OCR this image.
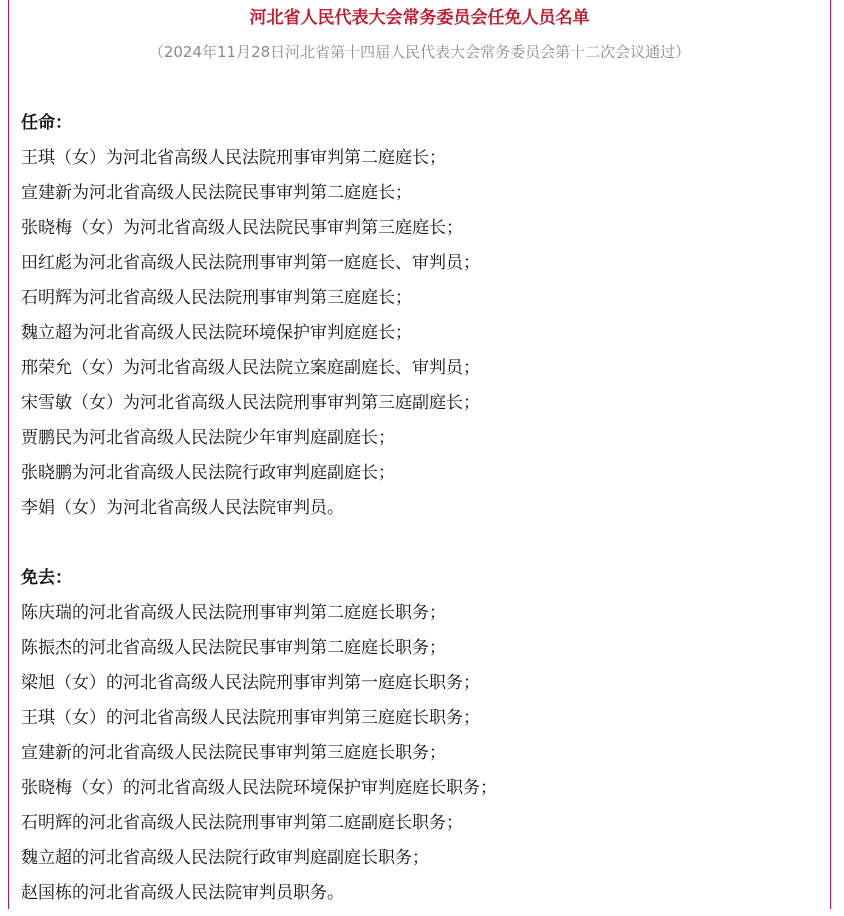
河北省人民代表大会常务委员会任免人员名单
（2024年11月28日河北省第十四届人民代表大会常务委员会第十二次会议通过）
任命：
王琪（女）为河北省高级人民法院刑事审判第二庭庭长；
宣建新为河北省高级人民法院民事审判第二庭庭长；
张晓梅（女）为河北省高级人民法院民事审判第三庭庭长；
田红彪为河北省高级人民法院刑事审判第一庭庭长、审判员；
石明辉为河北省高级人民法院刑事审判第三庭庭长；
魏立超为河北省高级人民法院环境保护审判庭庭长；
邢荣允（女）为河北省高级人民法院立案庭副庭长、审判员；
宋雪敏（女）为河北省高级人民法院刑事审判第三庭副庭长；
贾鹏民为河北省高级人民法院少年审判庭副庭长；
张晓鹏为河北省高级人民法院行政审判庭副庭长；
李娟（女）为河北省高级人民法院审判员。
免去：
陈庆瑞的河北省高级人民法院刑事审判第二庭庭长职务；
陈振杰的河北省高级人民法院民事审判第二庭庭长职务；
梁旭（女）的河北省高级人民法院刑事审判第一庭庭长职务；
王琪（女）的河北省高级人民法院刑事审判第三庭庭长职务；
宣建新的河北省高级人民法院民事审判第三庭庭长职务；
张晓梅（女）的河北省高级人民法院环境保护审判庭庭长职务；
石明辉的河北省高级人民法院刑事审判第二庭副庭长职务；
魏立超的河北省高级人民法院行政审判庭副庭长职务；
赵国栋的河北省高级人民法院审判员职务。
